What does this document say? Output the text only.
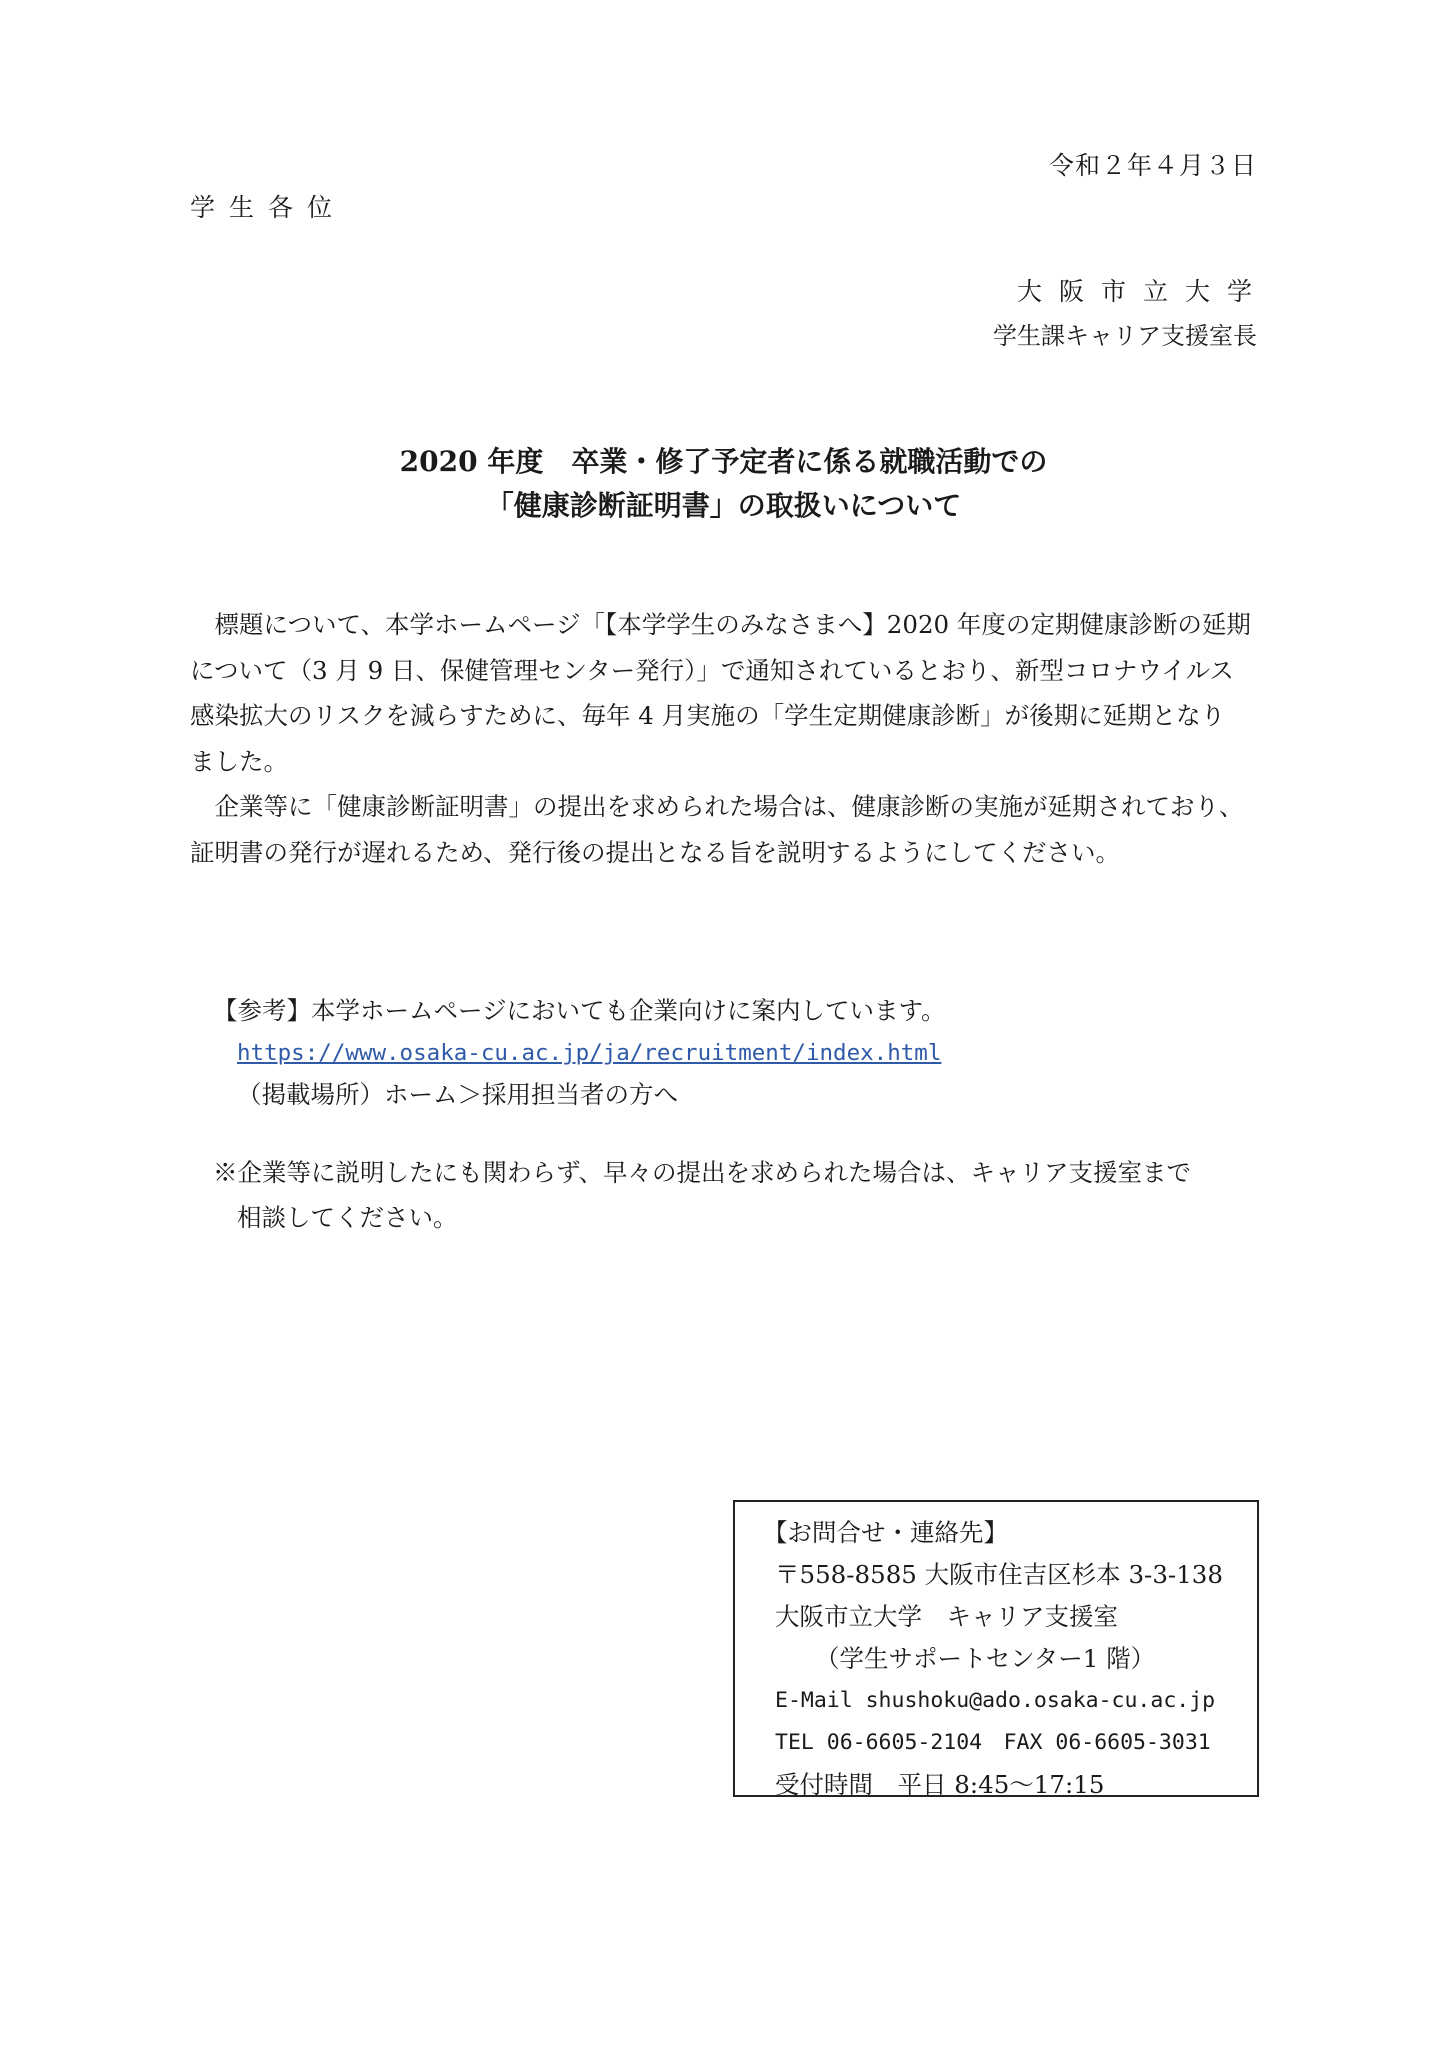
令和２年４月３日
学生各位
大阪市立大学
学生課キャリア支援室長
2020 年度　卒業・修了予定者に係る就職活動での
「健康診断証明書」の取扱いについて
　標題について、本学ホームページ「【本学学生のみなさまへ】2020 年度の定期健康診断の延期
について（3 月 9 日、保健管理センター発行）」で通知されているとおり、新型コロナウイルス
感染拡大のリスクを減らすために、毎年 4 月実施の「学生定期健康診断」が後期に延期となり
ました。
　企業等に「健康診断証明書」の提出を求められた場合は、健康診断の実施が延期されており、
証明書の発行が遅れるため、発行後の提出となる旨を説明するようにしてください。
【参考】本学ホームページにおいても企業向けに案内しています。
https://www.osaka-cu.ac.jp/ja/recruitment/index.html
（掲載場所）ホーム＞採用担当者の方へ
※企業等に説明したにも関わらず、早々の提出を求められた場合は、キャリア支援室まで
相談してください。
【お問合せ・連絡先】
〒558-8585 大阪市住吉区杉本 3-3-138
大阪市立大学　キャリア支援室
（学生サポートセンター1 階）
E-Mail shushoku@ado.osaka-cu.ac.jp
TEL 06-6605-2104　FAX 06-6605-3031
受付時間　平日 8:45～17:15
